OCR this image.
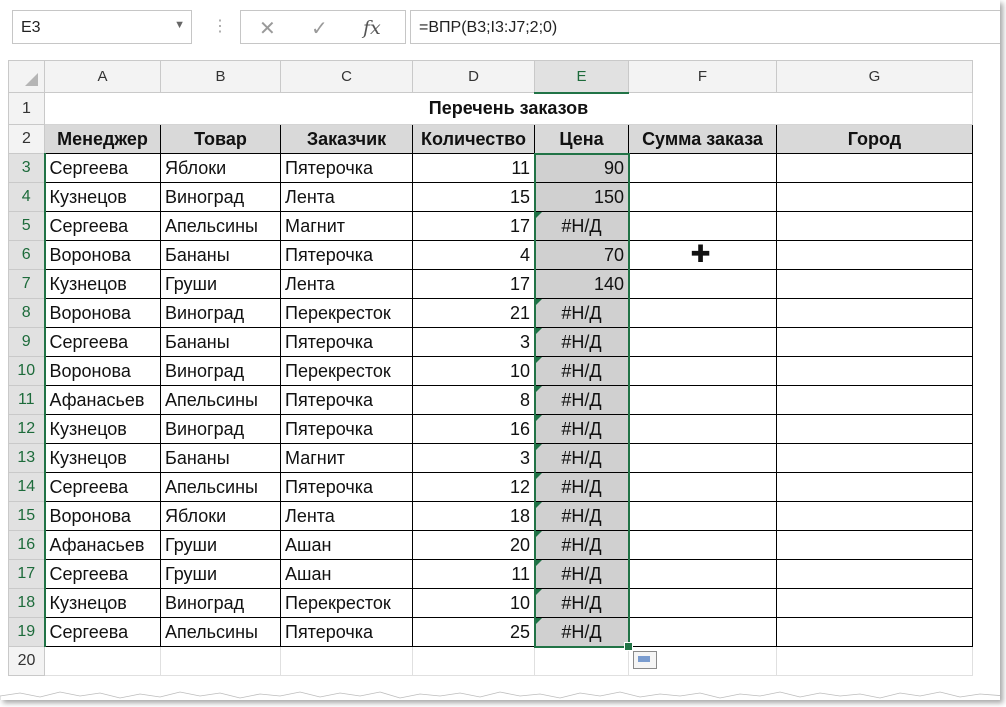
E3	▼ ⋮ ✕ ✓ fx =ВПР(B3;I3:J7;2;0)
	A	B	C	D	E	F	G
1	Перечень заказов						
2	Менеджер	Товар	Заказчик	Количество	Цена	Сумма заказа	Город
3	Сергеева	Яблоки	Пятерочка	11	90		
4	Кузнецов	Виноград	Лента	15	150		
5	Сергеева	Апельсины	Магнит	17	#Н/Д		
6	Воронова	Бананы	Пятерочка	4	70		
7	Кузнецов	Груши	Лента	17	140		
8	Воронова	Виноград	Перекресток	21	#Н/Д		
9	Сергеева	Бананы	Пятерочка	3	#Н/Д		
10	Воронова	Виноград	Перекресток	10	#Н/Д		
11	Афанасьев	Апельсины	Пятерочка	8	#Н/Д		
12	Кузнецов	Виноград	Пятерочка	16	#Н/Д		
13	Кузнецов	Бананы	Магнит	3	#Н/Д		
14	Сергеева	Апельсины	Пятерочка	12	#Н/Д		
15	Воронова	Яблоки	Лента	18	#Н/Д		
16	Афанасьев	Груши	Ашан	20	#Н/Д		
17	Сергеева	Груши	Ашан	11	#Н/Д		
18	Кузнецов	Виноград	Перекресток	10	#Н/Д		
19	Сергеева	Апельсины	Пятерочка	25	#Н/Д		
20							
✚
